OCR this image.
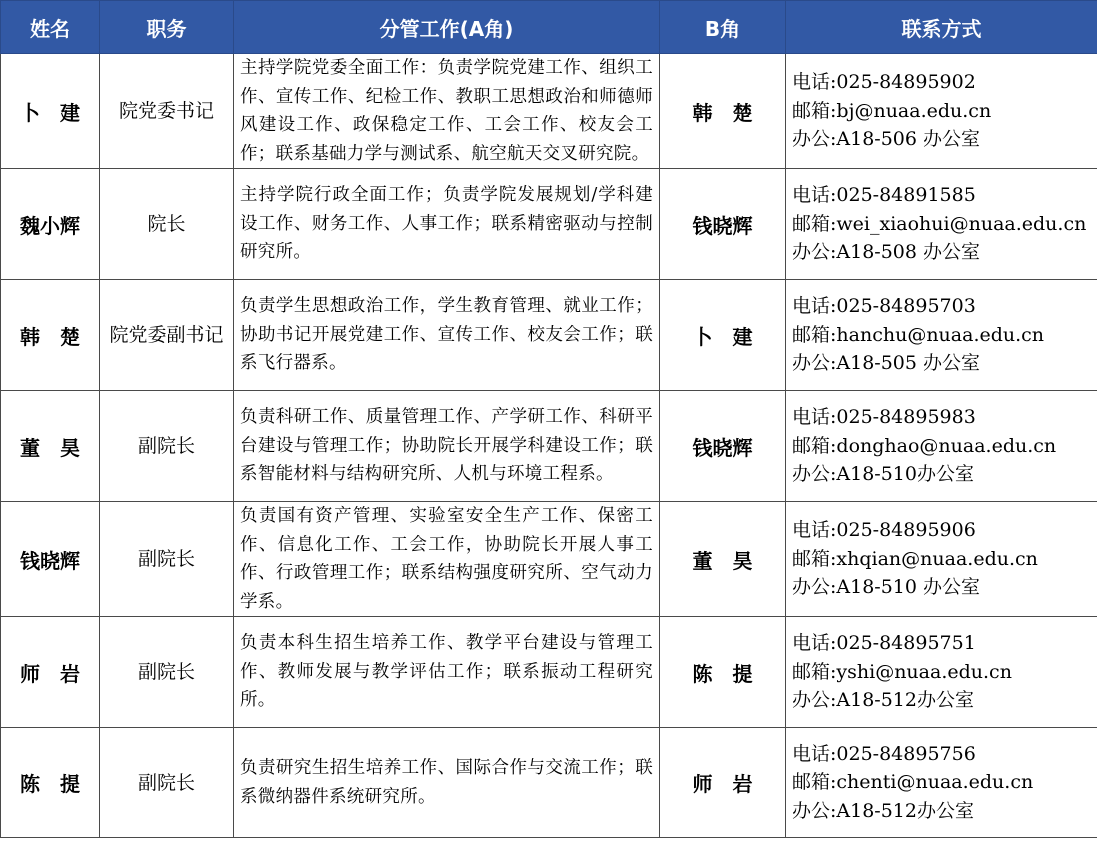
姓名	职务	分管工作(A角)	B角	联系方式
卜　建	院党委书记	主持学院党委全面工作：负责学院党建工作、组织工作、宣传工作、纪检工作、教职工思想政治和师德师风建设工作、政保稳定工作、工会工作、校友会工作；联系基础力学与测试系、航空航天交叉研究院。	韩　楚	电话:025-84895902
邮箱:bj@nuaa.edu.cn
办公:A18-506 办公室

魏小辉	院长	主持学院行政全面工作；负责学院发展规划/学科建设工作、财务工作、人事工作；联系精密驱动与控制研究所。	钱晓辉	电话:025-84891585
邮箱:wei_xiaohui@nuaa.edu.cn
办公:A18-508 办公室

韩　楚	院党委副书记	负责学生思想政治工作，学生教育管理、就业工作；协助书记开展党建工作、宣传工作、校友会工作；联系飞行器系。	卜　建	电话:025-84895703
邮箱:hanchu@nuaa.edu.cn
办公:A18-505 办公室

董　昊	副院长	负责科研工作、质量管理工作、产学研工作、科研平台建设与管理工作；协助院长开展学科建设工作；联系智能材料与结构研究所、人机与环境工程系。	钱晓辉	电话:025-84895983
邮箱:donghao@nuaa.edu.cn
办公:A18-510办公室

钱晓辉	副院长	负责国有资产管理、实验室安全生产工作、保密工作、信息化工作、工会工作，协助院长开展人事工作、行政管理工作；联系结构强度研究所、空气动力学系。	董　昊	电话:025-84895906
邮箱:xhqian@nuaa.edu.cn
办公:A18-510 办公室

师　岩	副院长	负责本科生招生培养工作、教学平台建设与管理工作、教师发展与教学评估工作；联系振动工程研究所。	陈　提	电话:025-84895751
邮箱:yshi@nuaa.edu.cn
办公:A18-512办公室

陈　提	副院长	负责研究生招生培养工作、国际合作与交流工作；联系微纳器件系统研究所。	师　岩	电话:025-84895756
邮箱:chenti@nuaa.edu.cn
办公:A18-512办公室
